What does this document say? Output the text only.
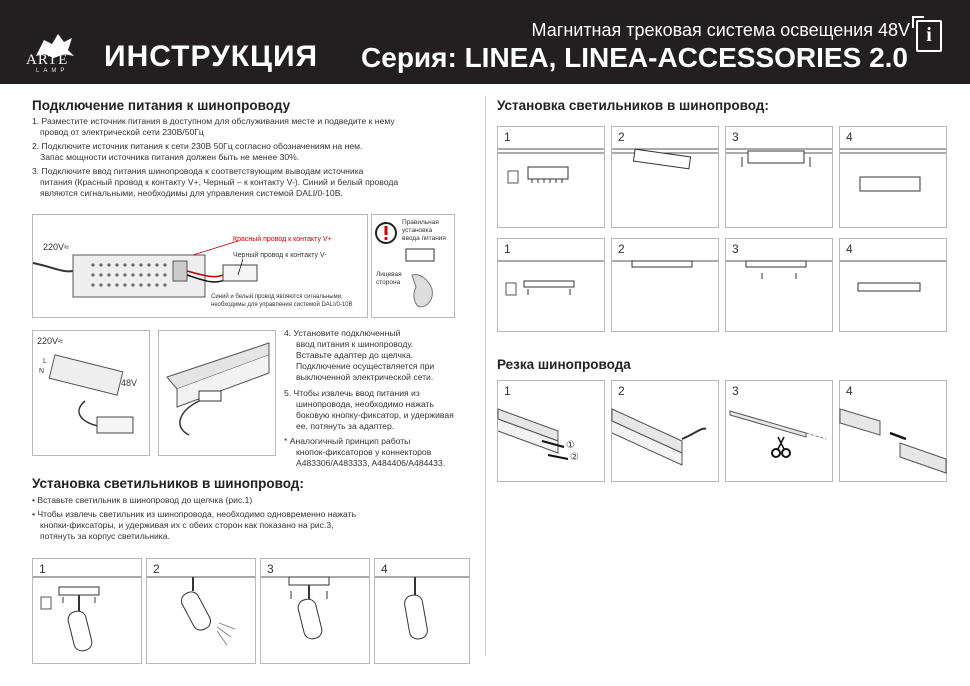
ARTE
LAMP ИНСТРУКЦИЯ
Магнитная трековая система освещения 48V
Серия: LINEA, LINEA-ACCESSORIES 2.0
i
Подключение питания к шинопроводу

1. Разместите источник питания в доступном для обслуживания месте и подведите к нему

провод от электрической сети 230В/50Гц

2. Подключите источник питания к сети 230В 50Гц согласно обозначениям на нем.

Запас мощности источника питания должен быть не менее 30%.

3. Подключите ввод питания шинопровода к соответствующим выводам источника

питания (Красный провод к контакту V+, Черный – к контакту V-). Синий и белый провода

являются сигнальными, необходимы для управления системой DALI/0-10B.

220V≈
Красный провод к контакту V+
Черный провод к контакту V-
Синий и белый провод являются сигнальными,
необходимы для управления системой DALI/0-10B
Правильная
установка
ввода питания
Лицевая
сторона
220V≈
L
N
48V

4. Установите подключенный

ввод питания к шинопроводу.

Вставьте адаптер до щелчка.

Подключение осуществляется при

выключенной электрической сети.

5. Чтобы извлечь ввод питания из

шинопровода, необходимо нажать

боковую кнопку-фиксатор, и удерживая

ее, потянуть за адаптер.

* Аналогичный принцип работы

кнопок-фиксаторов у коннекторов

A483306/A483333, A484406/A484433.

Установка светильников в шинопровод:

• Вставьте светильник в шинопровод до щелчка (рис.1)

• Чтобы извлечь светильник из шинопровода, необходимо одновременно нажать

кнопки-фиксаторы, и удерживая их с обеих сторон как показано на рис.3,

потянуть за корпус светильника.

1	2	3	4
Установка светильников в шинопровод:
1	2	3	4
1	2	3	4
Резка шинопровода
1
①
②
2	3	4
